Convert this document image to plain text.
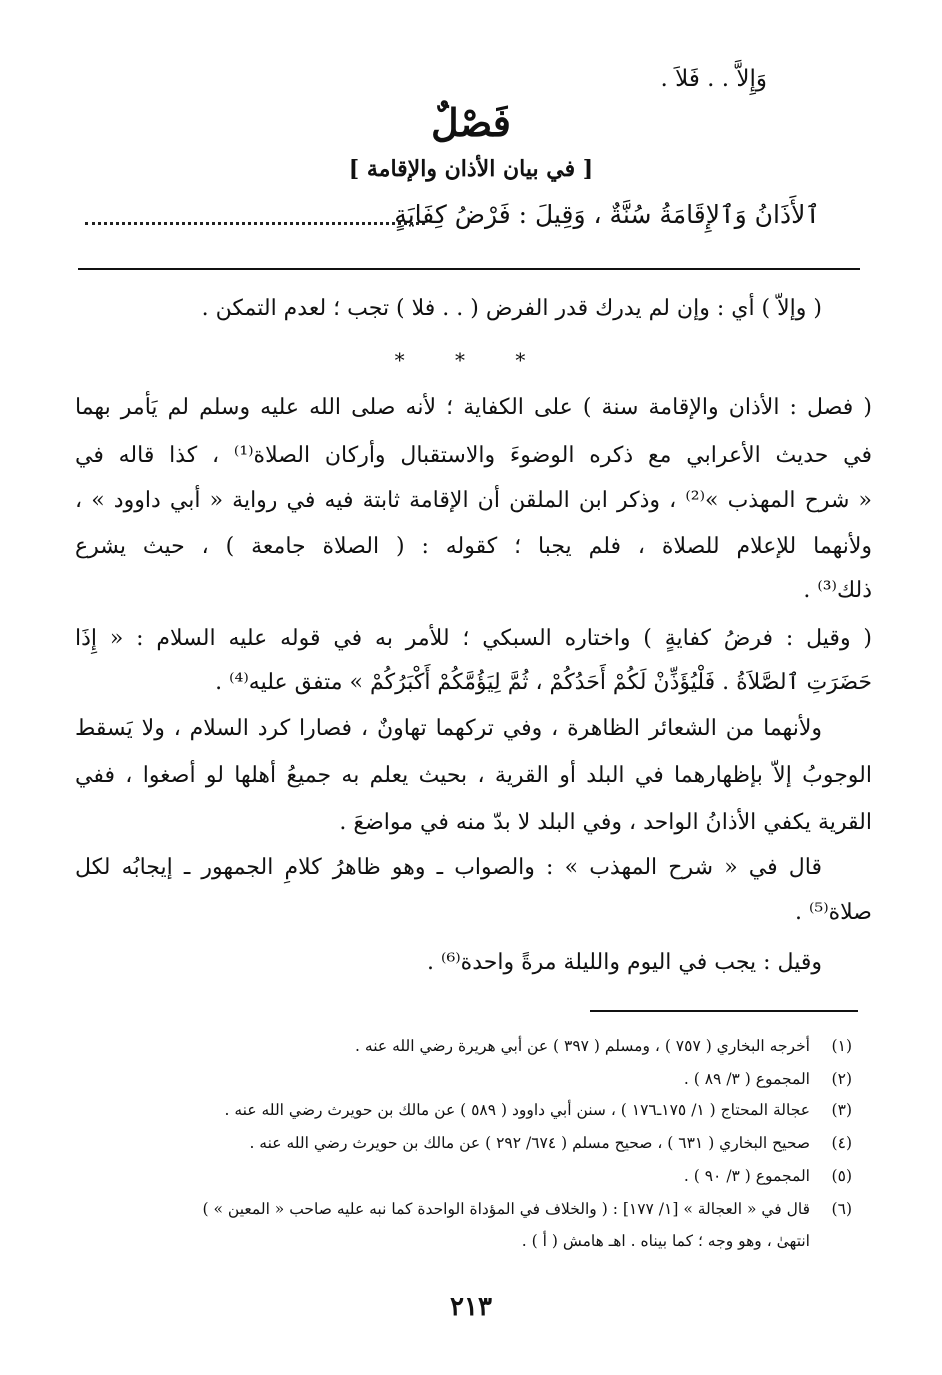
وَإِلاَّ . . فَلاَ .
فَصْلٌ
[ في بيان الأذان والإقامة ]
ٱلأَذَانُ وَٱلإِقَامَةُ سُنَّةٌ ، وَقِيلَ : فَرْضُ كِفَايَةٍ
( وإلاّ ) أي : وإن لم يدرك قدر الفرض ( . . فلا ) تجب ؛ لعدم التمكن .
* * *
( فصل : الأذان والإقامة سنة ) على الكفاية ؛ لأنه صلى الله عليه وسلم لم يَأمر بهما
في حديث الأعرابي مع ذكره الوضوءَ والاستقبال وأركان الصلاة⁽¹⁾ ، كذا قاله في
« شرح المهذب »⁽²⁾ ، وذكر ابن الملقن أن الإقامة ثابتة فيه في رواية « أبي داوود » ،
ولأنهما للإعلام للصلاة ، فلم يجبا ؛ كقوله : ( الصلاة جامعة ) ، حيث يشرع
ذلك⁽³⁾ .
( وقيل : فرضُ كفايةٍ ) واختاره السبكي ؛ للأمر به في قوله عليه السلام : « إِذَا
حَضَرَتِ ٱلصَّلاَةُ . فَلْيُؤَذِّنْ لَكُمْ أَحَدُكُمْ ، ثُمَّ لِيَؤُمَّكُمْ أَكْبَرُكُمْ » متفق عليه⁽⁴⁾ .
ولأنهما من الشعائر الظاهرة ، وفي تركهما تهاونٌ ، فصارا كرد السلام ، ولا يَسقط
الوجوبُ إلاّ بإظهارهما في البلد أو القرية ، بحيث يعلم به جميعُ أهلها لو أصغوا ، ففي
القرية يكفي الأذانُ الواحد ، وفي البلد لا بدّ منه في مواضعَ .
قال في « شرح المهذب » : والصواب ـ وهو ظاهرُ كلامِ الجمهور ـ إيجابُه لكل
صلاة⁽⁵⁾ .
وقيل : يجب في اليوم والليلة مرةً واحدة⁽⁶⁾ .
(١)أخرجه البخاري ( ٧٥٧ ) ، ومسلم ( ٣٩٧ ) عن أبي هريرة رضي الله عنه .
(٢)المجموع ( ٣/ ٨٩ ) .
(٣)عجالة المحتاج ( ١/ ١٧٥ـ١٧٦ ) ، سنن أبي داوود ( ٥٨٩ ) عن مالك بن حويرث رضي الله عنه .
(٤)صحيح البخاري ( ٦٣١ ) ، صحيح مسلم ( ٦٧٤/ ٢٩٢ ) عن مالك بن حويرث رضي الله عنه .
(٥)المجموع ( ٣/ ٩٠ ) .
(٦)قال في « العجالة » [١/ ١٧٧] : ( والخلاف في المؤداة الواحدة كما نبه عليه صاحب « المعين » )
انتهىٰ ، وهو وجه ؛ كما بيناه . اهـ هامش ( أ ) .
٢١٣
